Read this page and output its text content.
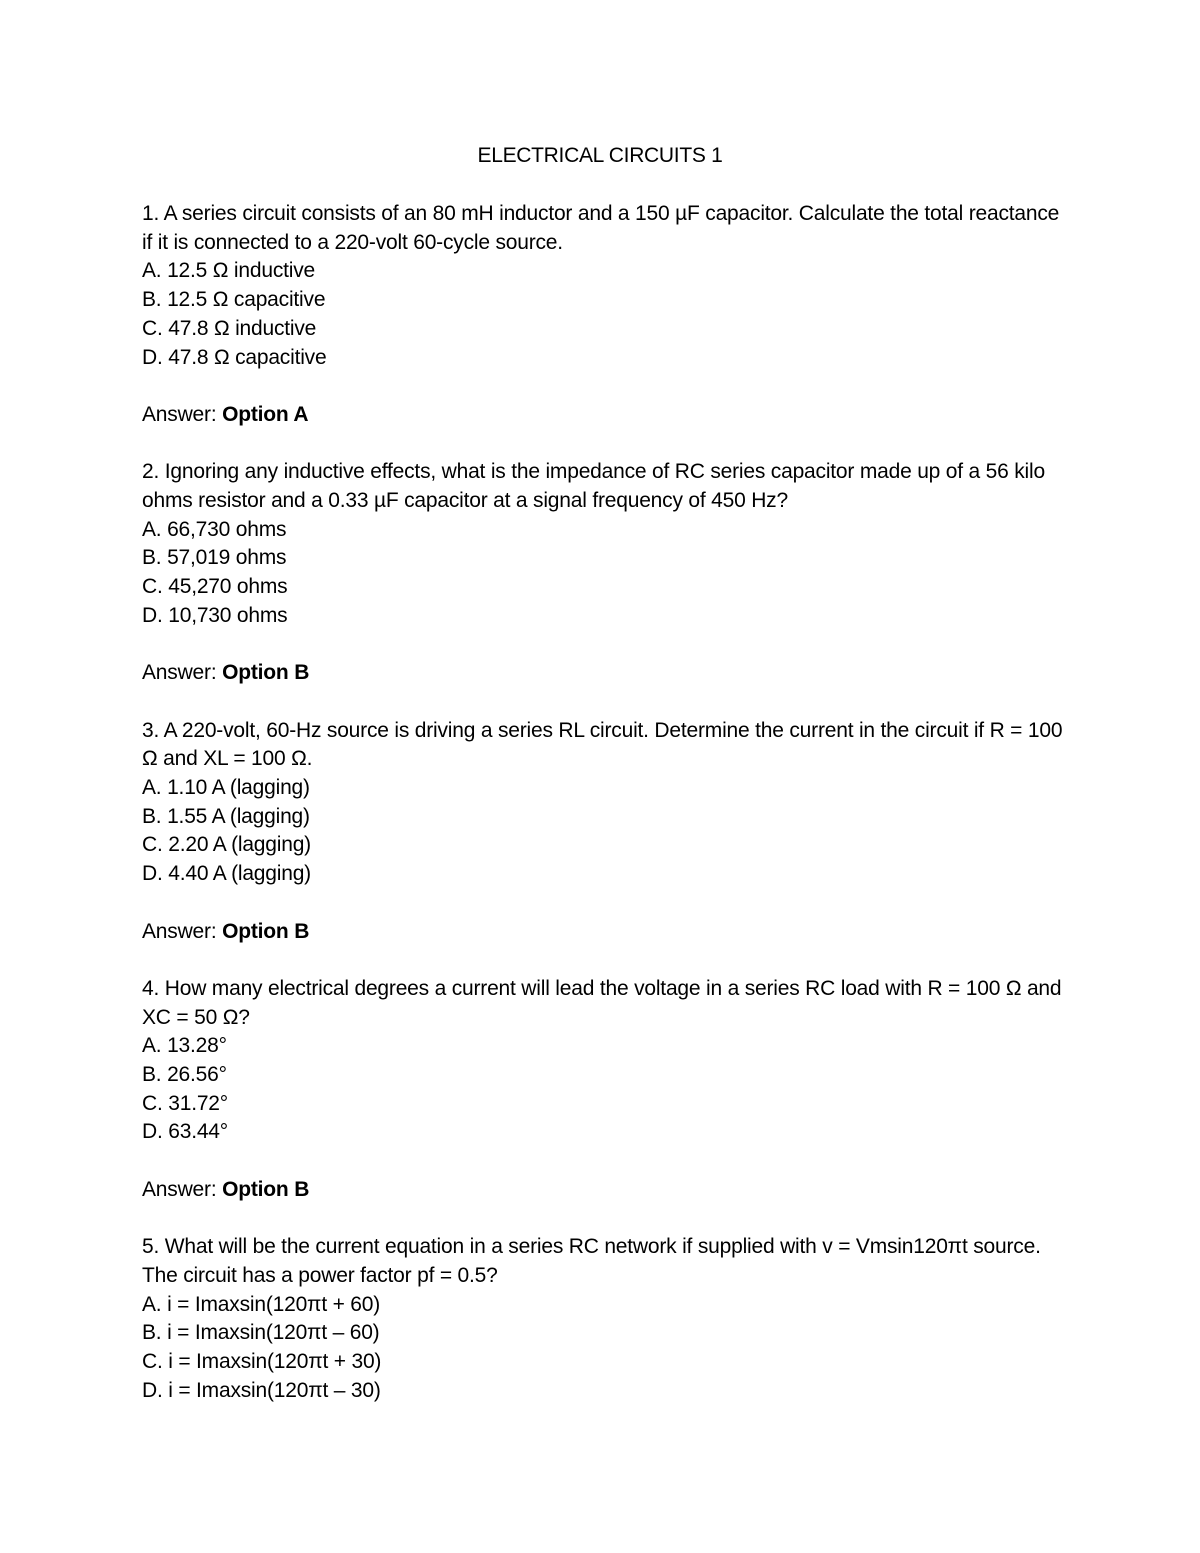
ELECTRICAL CIRCUITS 1

1. A series circuit consists of an 80 mH inductor and a 150 µF capacitor. Calculate the total reactance if it is connected to a 220-volt 60-cycle source.

A. 12.5 Ω inductive

B. 12.5 Ω capacitive

C. 47.8 Ω inductive

D. 47.8 Ω capacitive

Answer: Option A

2. Ignoring any inductive effects, what is the impedance of RC series capacitor made up of a 56 kilo ohms resistor and a 0.33 µF capacitor at a signal frequency of 450 Hz?

A. 66,730 ohms

B. 57,019 ohms

C. 45,270 ohms

D. 10,730 ohms

Answer: Option B

3. A 220-volt, 60-Hz source is driving a series RL circuit. Determine the current in the circuit if R = 100 Ω and XL = 100 Ω.

A. 1.10 A (lagging)

B. 1.55 A (lagging)

C. 2.20 A (lagging)

D. 4.40 A (lagging)

Answer: Option B

4. How many electrical degrees a current will lead the voltage in a series RC load with R = 100 Ω and XC = 50 Ω?

A. 13.28°

B. 26.56°

C. 31.72°

D. 63.44°

Answer: Option B

5. What will be the current equation in a series RC network if supplied with v = Vmsin120πt source. The circuit has a power factor pf = 0.5?

A. i = Imaxsin(120πt + 60)

B. i = Imaxsin(120πt – 60)

C. i = Imaxsin(120πt + 30)

D. i = Imaxsin(120πt – 30)
